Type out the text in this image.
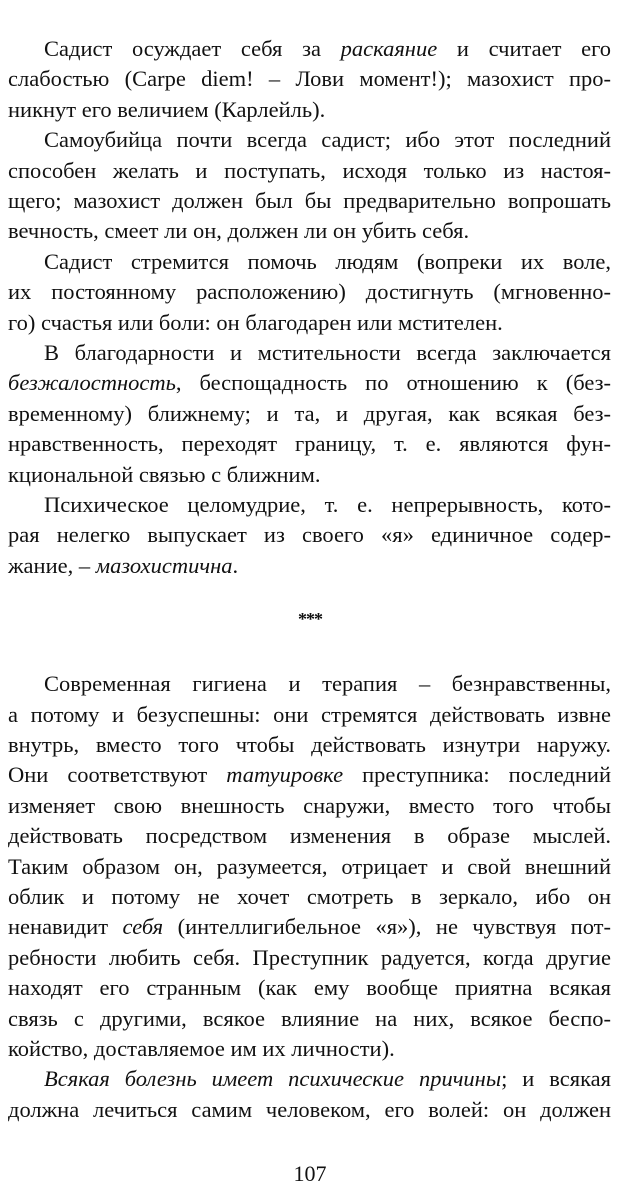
Садист осуждает себя за раскаяние и считает его
слабостью (Carpe diem! – Лови момент!); мазохист про-
никнут его величием (Карлейль).
Самоубийца почти всегда садист; ибо этот последний
способен желать и поступать, исходя только из настоя-
щего; мазохист должен был бы предварительно вопрошать
вечность, смеет ли он, должен ли он убить себя.
Садист стремится помочь людям (вопреки их воле,
их постоянному расположению) достигнуть (мгновенно-
го) счастья или боли: он благодарен или мстителен.
В благодарности и мстительности всегда заключается
безжалостность, беспощадность по отношению к (без-
временному) ближнему; и та, и другая, как всякая без-
нравственность, переходят границу, т. е. являются фун-
кциональной связью с ближним.
Психическое целомудрие, т. е. непрерывность, кото-
рая нелегко выпускает из своего «я» единичное содер-
жание, – мазохистична.
Современная гигиена и терапия – безнравственны,
а потому и безуспешны: они стремятся действовать извне
внутрь, вместо того чтобы действовать изнутри наружу.
Они соответствуют татуировке преступника: последний
изменяет свою внешность снаружи, вместо того чтобы
действовать посредством изменения в образе мыслей.
Таким образом он, разумеется, отрицает и свой внешний
облик и потому не хочет смотреть в зеркало, ибо он
ненавидит себя (интеллигибельное «я»), не чувствуя пот-
ребности любить себя. Преступник радуется, когда другие
находят его странным (как ему вообще приятна всякая
связь с другими, всякое влияние на них, всякое беспо-
койство, доставляемое им их личности).
Всякая болезнь имеет психические причины; и всякая
должна лечиться самим человеком, его волей: он должен
***
107
